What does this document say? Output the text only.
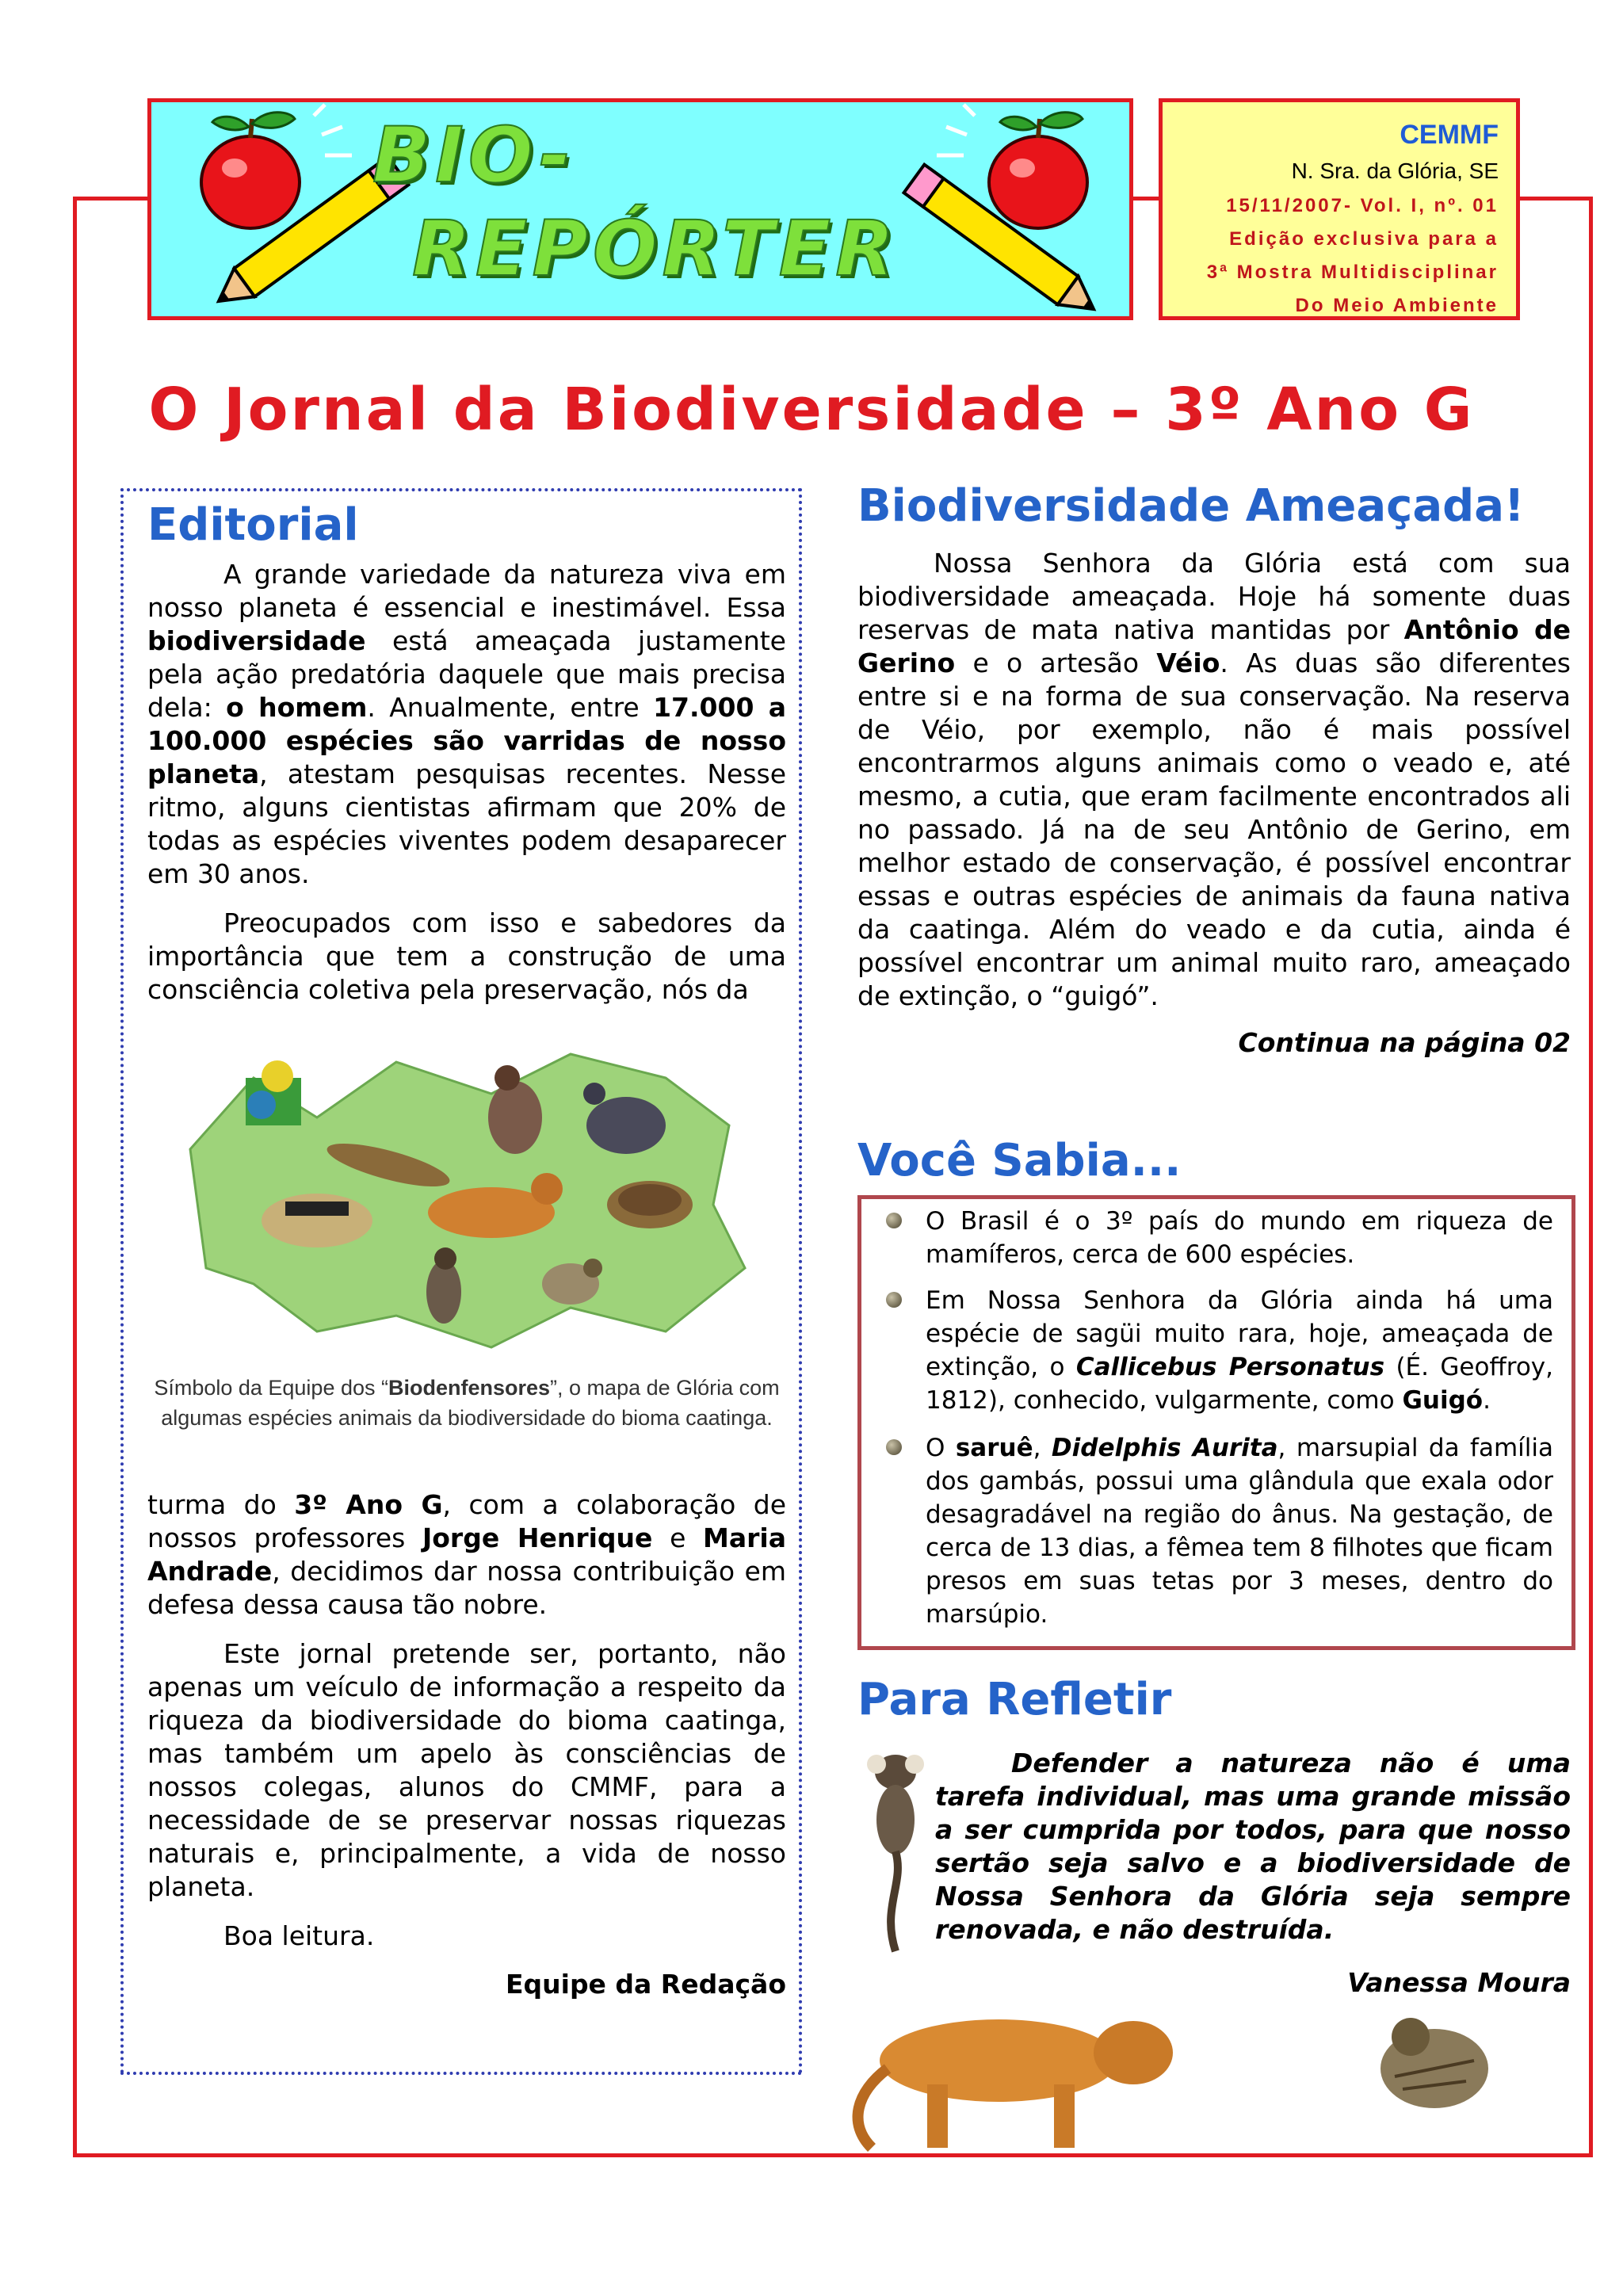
BIO-
REPÓRTER
CEMMF
N. Sra. da Glória, SE
15/11/2007- Vol. I, nº. 01
Edição exclusiva para a
3ª Mostra Multidisciplinar
Do Meio Ambiente
O Jornal da Biodiversidade – 3º Ano G
Editorial

A grande variedade da natureza viva em nosso planeta é essencial e inestimável. Essa biodiversidade está ameaçada justamente pela ação predatória daquele que mais precisa dela: o homem. Anualmente, entre 17.000 a 100.000 espécies são varridas de nosso planeta, atestam pesquisas recentes. Nesse ritmo, alguns cientistas afirmam que 20% de todas as espécies viventes podem desaparecer em 30 anos.

Preocupados com isso e sabedores da importância que tem a construção de uma consciência coletiva pela preservação, nós da

Símbolo da Equipe dos “Biodenfensores”, o mapa de Glória com algumas espécies animais da biodiversidade do bioma caatinga.

turma do 3º Ano G, com a colaboração de nossos professores Jorge Henrique e Maria Andrade, decidimos dar nossa contribuição em defesa dessa causa tão nobre.

Este jornal pretende ser, portanto, não apenas um veículo de informação a respeito da riqueza da biodiversidade do bioma caatinga, mas também um apelo às consciências de nossos colegas, alunos do CMMF, para a necessidade de se preservar nossas riquezas naturais e, principalmente, a vida de nosso planeta.

Boa leitura.

Equipe da Redação
Biodiversidade Ameaçada!

Nossa Senhora da Glória está com sua biodiversidade ameaçada. Hoje há somente duas reservas de mata nativa mantidas por Antônio de Gerino e o artesão Véio. As duas são diferentes entre si e na forma de sua conservação. Na reserva de Véio, por exemplo, não é mais possível encontrarmos alguns animais como o veado e, até mesmo, a cutia, que eram facilmente encontrados ali no passado. Já na de seu Antônio de Gerino, em melhor estado de conservação, é possível encontrar essas e outras espécies de animais da fauna nativa da caatinga. Além do veado e da cutia, ainda é possível encontrar um animal muito raro, ameaçado de extinção, o “guigó”.

Continua na página 02
Você Sabia...
O Brasil é o 3º país do mundo em riqueza de mamíferos, cerca de 600 espécies.
Em Nossa Senhora da Glória ainda há uma espécie de sagüi muito rara, hoje, ameaçada de extinção, o Callicebus Personatus (É. Geoffroy, 1812), conhecido, vulgarmente, como Guigó.
O saruê, Didelphis Aurita, marsupial da família dos gambás, possui uma glândula que exala odor desagradável na região do ânus. Na gestação, de cerca de 13 dias, a fêmea tem 8 filhotes que ficam presos em suas tetas por 3 meses, dentro do marsúpio.
Para Refletir
Defender a natureza não é uma tarefa individual, mas uma grande missão a ser cumprida por todos, para que nosso sertão seja salvo e a biodiversidade de Nossa Senhora da Glória seja sempre renovada, e não destruída.
Vanessa Moura
